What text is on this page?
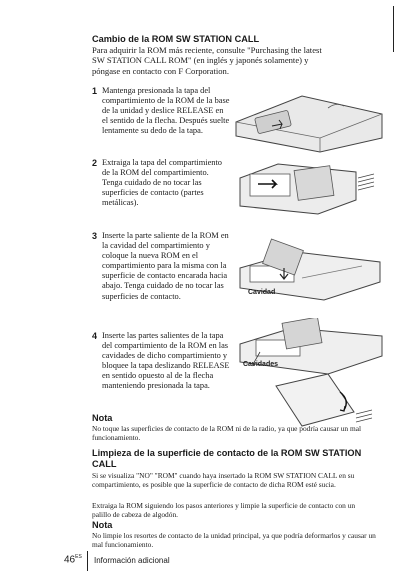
Cambio de la ROM SW STATION CALL
Para adquirir la ROM más reciente, consulte "Purchasing the latest SW STATION CALL ROM" (en inglés y japonés solamente) y póngase en contacto con F Corporation.
1 Mantenga presionada la tapa del compartimiento de la ROM de la base de la unidad y deslice RELEASE en el sentido de la flecha. Después suelte lentamente su dedo de la tapa.
2 Extraiga la tapa del compartimiento de la ROM del compartimiento. Tenga cuidado de no tocar las superficies de contacto (partes metálicas).
3 Inserte la parte saliente de la ROM en la cavidad del compartimiento y coloque la nueva ROM en el compartimiento para la misma con la superficie de contacto encarada hacia abajo. Tenga cuidado de no tocar las superficies de contacto.	Cavidad
4 Inserte las partes salientes de la tapa del compartimiento de la ROM en las cavidades de dicho compartimiento y bloquee la tapa deslizando RELEASE en sentido opuesto al de la flecha manteniendo presionada la tapa.
Cavidades
Nota
No toque las superficies de contacto de la ROM ni de la radio, ya que podría causar un mal funcionamiento.
Limpieza de la superficie de contacto de la ROM SW STATION CALL
Si se visualiza "NO" "ROM" cuando haya insertado la ROM SW STATION CALL en su compartimiento, es posible que la superficie de contacto de dicha ROM esté sucia.
Extraiga la ROM siguiendo los pasos anteriores y limpie la superficie de contacto con un palillo de cabeza de algodón.
Nota
No limpie los resortes de contacto de la unidad principal, ya que podría deformarlos y causar un mal funcionamiento.
$46^{ES}$ Información adicional
